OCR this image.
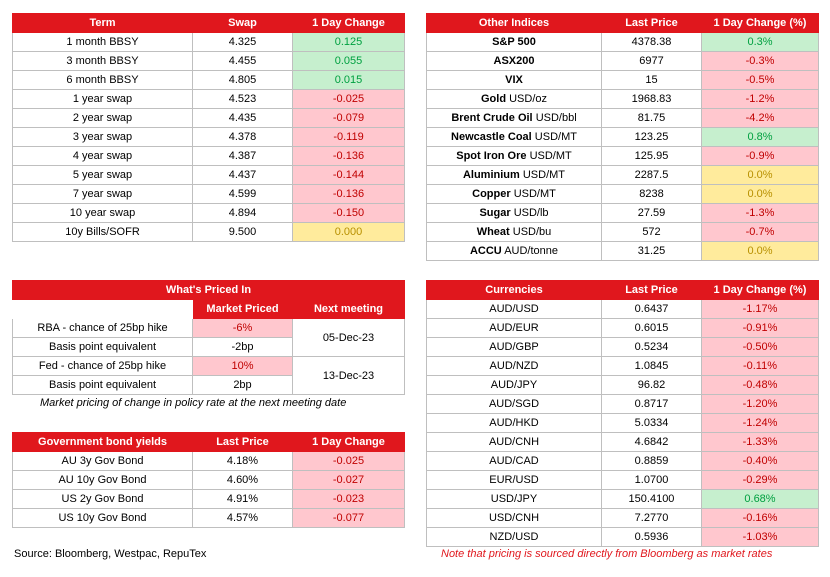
Term	Swap	1 Day Change
1 month BBSY	4.325	0.125
3 month BBSY	4.455	0.055
6 month BBSY	4.805	0.015
1 year swap	4.523	-0.025
2 year swap	4.435	-0.079
3 year swap	4.378	-0.119
4 year swap	4.387	-0.136
5 year swap	4.437	-0.144
7 year swap	4.599	-0.136
10 year swap	4.894	-0.150
10y Bills/SOFR	9.500	0.000
Other Indices	Last Price	1 Day Change (%)
S&P 500	4378.38	0.3%
ASX200	6977	-0.3%
VIX	15	-0.5%
Gold USD/oz	1968.83	-1.2%
Brent Crude Oil USD/bbl	81.75	-4.2%
Newcastle Coal USD/MT	123.25	0.8%
Spot Iron Ore USD/MT	125.95	-0.9%
Aluminium USD/MT	2287.5	0.0%
Copper USD/MT	8238	0.0%
Sugar USD/lb	27.59	-1.3%
Wheat USD/bu	572	-0.7%
ACCU AUD/tonne	31.25	0.0%
What's Priced In		
	Market Priced	Next meeting
RBA - chance of 25bp hike	-6%	05-Dec-23
Basis point equivalent	-2bp	
Fed - chance of 25bp hike	10%	13-Dec-23
Basis point equivalent	2bp	
Market pricing of change in policy rate at the next meeting date
Government bond yields	Last Price	1 Day Change
AU 3y Gov Bond	4.18%	-0.025
AU 10y Gov Bond	4.60%	-0.027
US 2y Gov Bond	4.91%	-0.023
US 10y Gov Bond	4.57%	-0.077
Currencies	Last Price	1 Day Change (%)
AUD/USD	0.6437	-1.17%
AUD/EUR	0.6015	-0.91%
AUD/GBP	0.5234	-0.50%
AUD/NZD	1.0845	-0.11%
AUD/JPY	96.82	-0.48%
AUD/SGD	0.8717	-1.20%
AUD/HKD	5.0334	-1.24%
AUD/CNH	4.6842	-1.33%
AUD/CAD	0.8859	-0.40%
EUR/USD	1.0700	-0.29%
USD/JPY	150.4100	0.68%
USD/CNH	7.2770	-0.16%
NZD/USD	0.5936	-1.03%
Source: Bloomberg, Westpac, RepuTex	Note that pricing is sourced directly from Bloomberg as market rates
